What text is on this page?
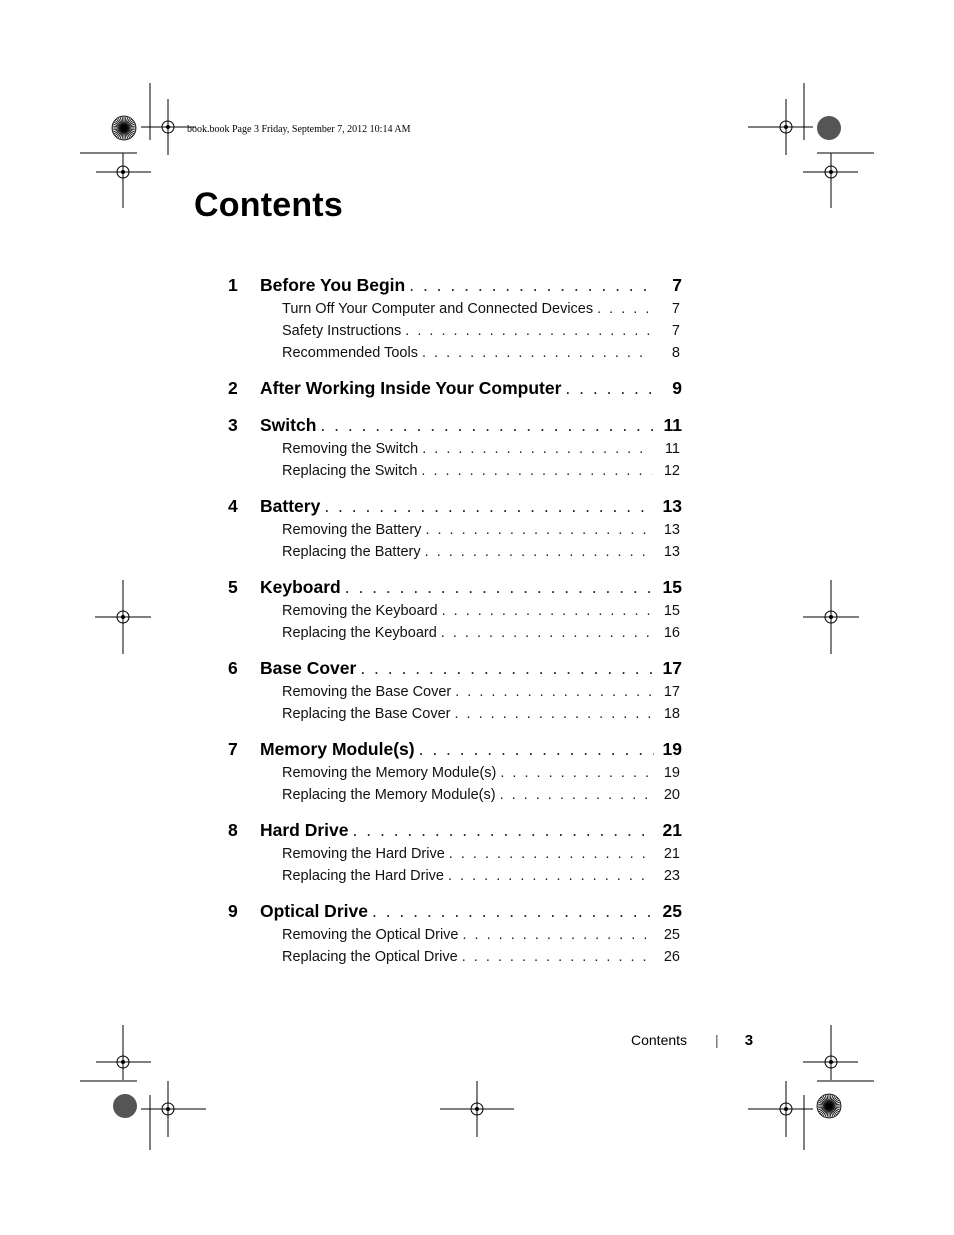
book.book Page 3 Friday, September 7, 2012 10:14 AM
Contents
1	Before You Begin . . .	7
Turn Off Your Computer and Connected Devices . . .	7
Safety Instructions . . .	7
Recommended Tools . . .	8
2	After Working Inside Your Computer . . .	9
3	Switch . . .	11
Removing the Switch . . .	11
Replacing the Switch . . .	12
4	Battery . . .	13
Removing the Battery . . .	13
Replacing the Battery . . .	13
5	Keyboard . . .	15
Removing the Keyboard . . .	15
Replacing the Keyboard . . .	16
6	Base Cover . . .	17
Removing the Base Cover . . .	17
Replacing the Base Cover . . .	18
7	Memory Module(s) . . .	19
Removing the Memory Module(s) . . .	19
Replacing the Memory Module(s) . . .	20
8	Hard Drive . . .	21
Removing the Hard Drive . . .	21
Replacing the Hard Drive . . .	23
9	Optical Drive . . .	25
Removing the Optical Drive . . .	25
Replacing the Optical Drive . . .	26
Contents | 3
